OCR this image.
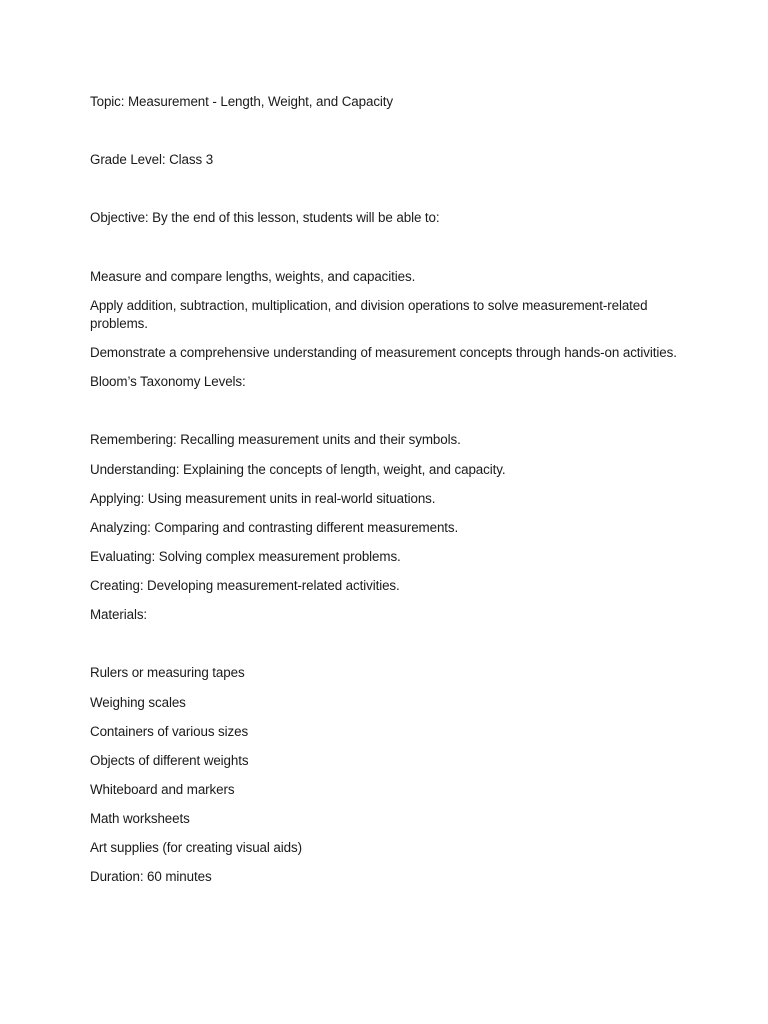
Topic: Measurement - Length, Weight, and Capacity
Grade Level: Class 3
Objective: By the end of this lesson, students will be able to:
Measure and compare lengths, weights, and capacities.
Apply addition, subtraction, multiplication, and division operations to solve measurement-related problems.
Demonstrate a comprehensive understanding of measurement concepts through hands-on activities.
Bloom’s Taxonomy Levels:
Remembering: Recalling measurement units and their symbols.
Understanding: Explaining the concepts of length, weight, and capacity.
Applying: Using measurement units in real-world situations.
Analyzing: Comparing and contrasting different measurements.
Evaluating: Solving complex measurement problems.
Creating: Developing measurement-related activities.
Materials:
Rulers or measuring tapes
Weighing scales
Containers of various sizes
Objects of different weights
Whiteboard and markers
Math worksheets
Art supplies (for creating visual aids)
Duration: 60 minutes
